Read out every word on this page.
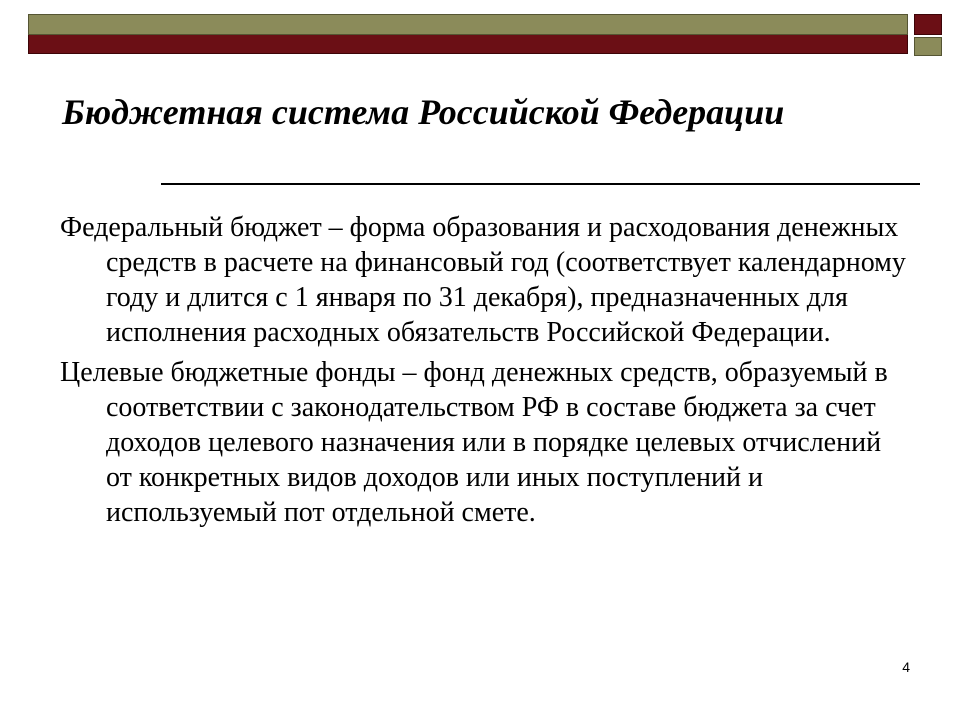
Бюджетная система Российской Федерации
Федеральный бюджет – форма образования и расходования денежных средств в расчете на финансовый год (соответствует календарному году и длится с 1 января по 31 декабря), предназначенных для исполнения расходных обязательств Российской Федерации.
Целевые бюджетные фонды – фонд денежных средств, образуемый в соответствии с законодательством РФ в составе бюджета за счет доходов целевого назначения или в порядке целевых отчислений от конкретных видов доходов или иных поступлений и используемый пот отдельной смете.
4
